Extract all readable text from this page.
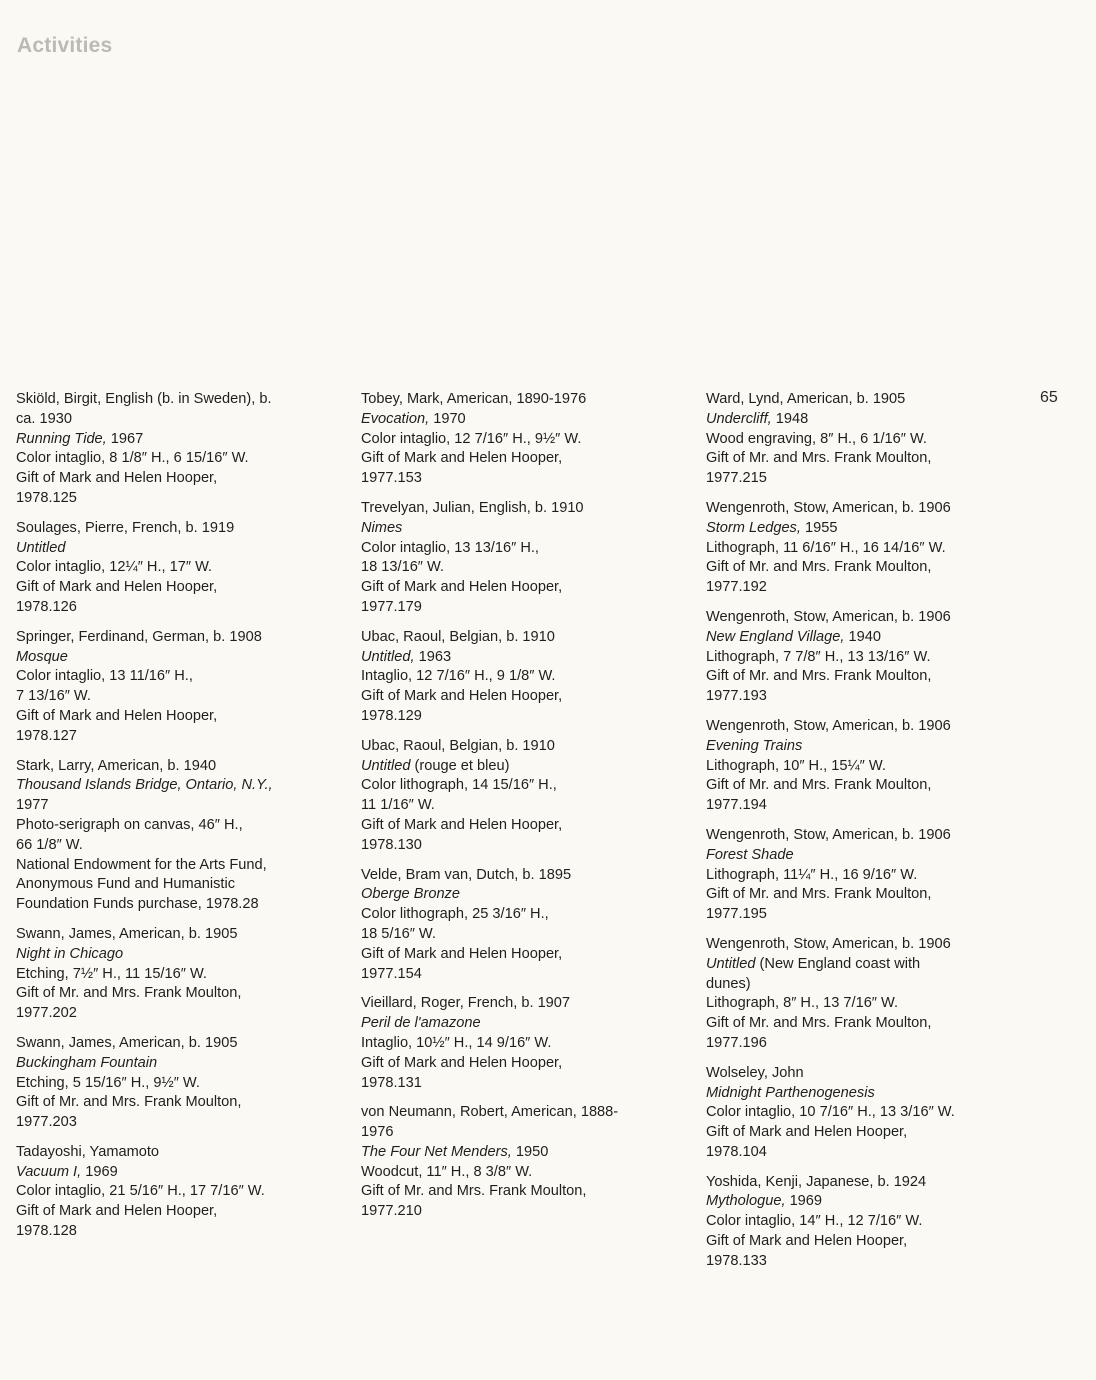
Activities
65
Skiöld, Birgit, English (b. in Sweden), b.
ca. 1930
Running Tide, 1967
Color intaglio, 8 1/8″ H., 6 15/16″ W.
Gift of Mark and Helen Hooper,
1978.125
Soulages, Pierre, French, b. 1919
Untitled
Color intaglio, 12¼″ H., 17″ W.
Gift of Mark and Helen Hooper,
1978.126
Springer, Ferdinand, German, b. 1908
Mosque
Color intaglio, 13 11/16″ H.,
7 13/16″ W.
Gift of Mark and Helen Hooper,
1978.127
Stark, Larry, American, b. 1940
Thousand Islands Bridge, Ontario, N.Y.,
1977
Photo-serigraph on canvas, 46″ H.,
66 1/8″ W.
National Endowment for the Arts Fund,
Anonymous Fund and Humanistic
Foundation Funds purchase, 1978.28
Swann, James, American, b. 1905
Night in Chicago
Etching, 7½″ H., 11 15/16″ W.
Gift of Mr. and Mrs. Frank Moulton,
1977.202
Swann, James, American, b. 1905
Buckingham Fountain
Etching, 5 15/16″ H., 9½″ W.
Gift of Mr. and Mrs. Frank Moulton,
1977.203
Tadayoshi, Yamamoto
Vacuum I, 1969
Color intaglio, 21 5/16″ H., 17 7/16″ W.
Gift of Mark and Helen Hooper,
1978.128
Tobey, Mark, American, 1890-1976
Evocation, 1970
Color intaglio, 12 7/16″ H., 9½″ W.
Gift of Mark and Helen Hooper,
1977.153
Trevelyan, Julian, English, b. 1910
Nimes
Color intaglio, 13 13/16″ H.,
18 13/16″ W.
Gift of Mark and Helen Hooper,
1977.179
Ubac, Raoul, Belgian, b. 1910
Untitled, 1963
Intaglio, 12 7/16″ H., 9 1/8″ W.
Gift of Mark and Helen Hooper,
1978.129
Ubac, Raoul, Belgian, b. 1910
Untitled (rouge et bleu)
Color lithograph, 14 15/16″ H.,
11 1/16″ W.
Gift of Mark and Helen Hooper,
1978.130
Velde, Bram van, Dutch, b. 1895
Oberge Bronze
Color lithograph, 25 3/16″ H.,
18 5/16″ W.
Gift of Mark and Helen Hooper,
1977.154
Vieillard, Roger, French, b. 1907
Peril de l'amazone
Intaglio, 10½″ H., 14 9/16″ W.
Gift of Mark and Helen Hooper,
1978.131
von Neumann, Robert, American, 1888-
1976
The Four Net Menders, 1950
Woodcut, 11″ H., 8 3/8″ W.
Gift of Mr. and Mrs. Frank Moulton,
1977.210
Ward, Lynd, American, b. 1905
Undercliff, 1948
Wood engraving, 8″ H., 6 1/16″ W.
Gift of Mr. and Mrs. Frank Moulton,
1977.215
Wengenroth, Stow, American, b. 1906
Storm Ledges, 1955
Lithograph, 11 6/16″ H., 16 14/16″ W.
Gift of Mr. and Mrs. Frank Moulton,
1977.192
Wengenroth, Stow, American, b. 1906
New England Village, 1940
Lithograph, 7 7/8″ H., 13 13/16″ W.
Gift of Mr. and Mrs. Frank Moulton,
1977.193
Wengenroth, Stow, American, b. 1906
Evening Trains
Lithograph, 10″ H., 15¼″ W.
Gift of Mr. and Mrs. Frank Moulton,
1977.194
Wengenroth, Stow, American, b. 1906
Forest Shade
Lithograph, 11¼″ H., 16 9/16″ W.
Gift of Mr. and Mrs. Frank Moulton,
1977.195
Wengenroth, Stow, American, b. 1906
Untitled (New England coast with
dunes)
Lithograph, 8″ H., 13 7/16″ W.
Gift of Mr. and Mrs. Frank Moulton,
1977.196
Wolseley, John
Midnight Parthenogenesis
Color intaglio, 10 7/16″ H., 13 3/16″ W.
Gift of Mark and Helen Hooper,
1978.104
Yoshida, Kenji, Japanese, b. 1924
Mythologue, 1969
Color intaglio, 14″ H., 12 7/16″ W.
Gift of Mark and Helen Hooper,
1978.133
